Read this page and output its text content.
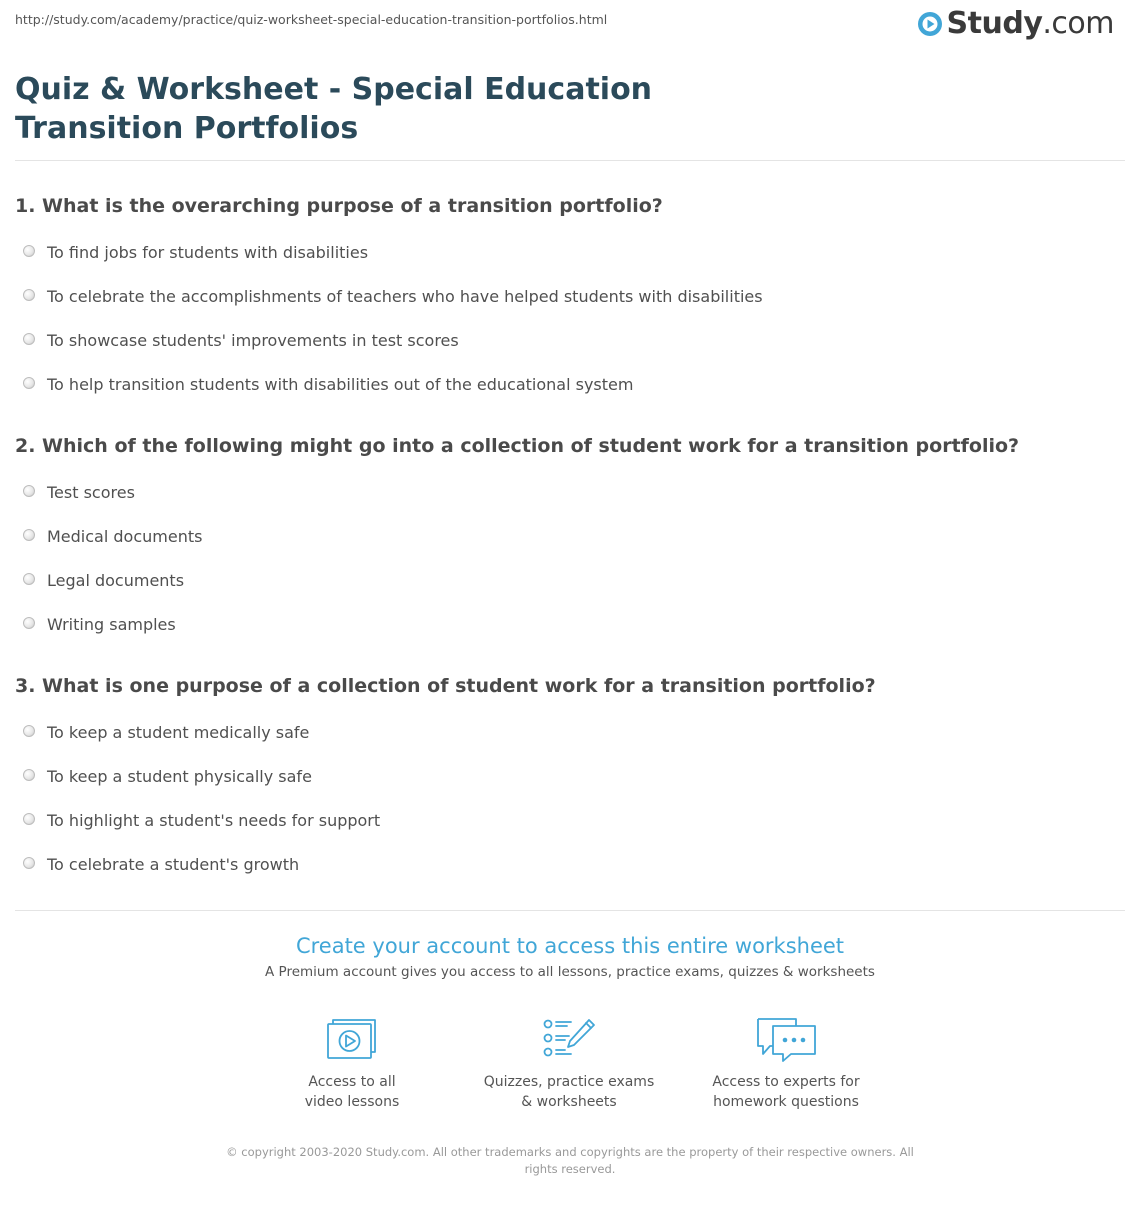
http://study.com/academy/practice/quiz-worksheet-special-education-transition-portfolios.html	Study.com
Quiz & Worksheet - Special Education Transition Portfolios
1. What is the overarching purpose of a transition portfolio?
To find jobs for students with disabilities
To celebrate the accomplishments of teachers who have helped students with disabilities
To showcase students' improvements in test scores
To help transition students with disabilities out of the educational system
2. Which of the following might go into a collection of student work for a transition portfolio?
Test scores
Medical documents
Legal documents
Writing samples
3. What is one purpose of a collection of student work for a transition portfolio?
To keep a student medically safe
To keep a student physically safe
To highlight a student's needs for support
To celebrate a student's growth
Create your account to access this entire worksheet
A Premium account gives you access to all lessons, practice exams, quizzes & worksheets
Access to all
video lessons
Quizzes, practice exams
& worksheets
Access to experts for
homework questions
© copyright 2003-2020 Study.com. All other trademarks and copyrights are the property of their respective owners. All rights reserved.
